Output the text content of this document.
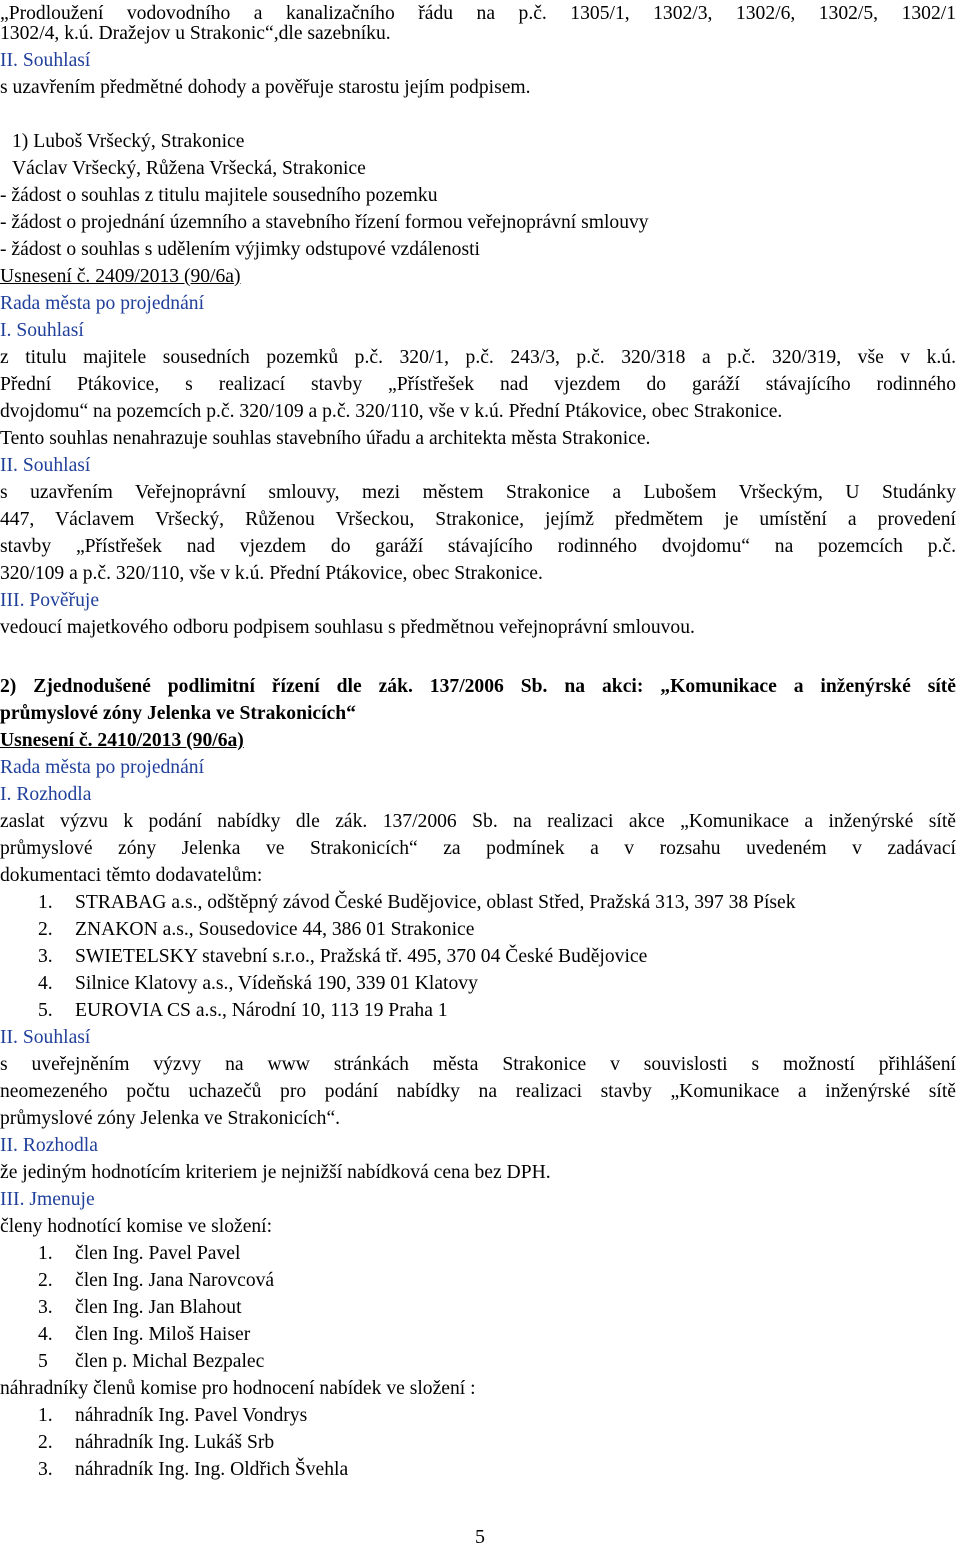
„Prodloužení vodovodního a kanalizačního řádu na p.č. 1305/1, 1302/3, 1302/6, 1302/5, 1302/1
1302/4, k.ú. Dražejov u Strakonic“,dle sazebníku.
II. Souhlasí
s uzavřením předmětné dohody a pověřuje starostu jejím podpisem.
1) Luboš Vršecký, Strakonice
Václav Vršecký, Růžena Vršecká, Strakonice
- žádost o souhlas z titulu majitele sousedního pozemku
- žádost o projednání územního a stavebního řízení formou veřejnoprávní smlouvy
- žádost o souhlas s udělením výjimky odstupové vzdálenosti
Usnesení č. 2409/2013 (90/6a)
Rada města po projednání
I. Souhlasí
z titulu majitele sousedních pozemků p.č. 320/1, p.č. 243/3, p.č. 320/318 a p.č. 320/319, vše v k.ú.
Přední Ptákovice, s realizací stavby „Přístřešek nad vjezdem do garáží stávajícího rodinného
dvojdomu“ na pozemcích p.č. 320/109 a p.č. 320/110, vše v k.ú. Přední Ptákovice, obec Strakonice.
Tento souhlas nenahrazuje souhlas stavebního úřadu a architekta města Strakonice.
II. Souhlasí
s uzavřením Veřejnoprávní smlouvy, mezi městem Strakonice a Lubošem Vršeckým, U Studánky
447, Václavem Vršecký, Růženou Vršeckou, Strakonice, jejímž předmětem je umístění a provedení
stavby „Přístřešek nad vjezdem do garáží stávajícího rodinného dvojdomu“ na pozemcích p.č.
320/109 a p.č. 320/110, vše v k.ú. Přední Ptákovice, obec Strakonice.
III. Pověřuje
vedoucí majetkového odboru podpisem souhlasu s předmětnou veřejnoprávní smlouvou.
2) Zjednodušené podlimitní řízení dle zák. 137/2006 Sb. na akci: „Komunikace a inženýrské sítě
průmyslové zóny Jelenka ve Strakonicích“
Usnesení č. 2410/2013 (90/6a)
Rada města po projednání
I. Rozhodla
zaslat výzvu k podání nabídky dle zák. 137/2006 Sb. na realizaci akce „Komunikace a inženýrské sítě
průmyslové zóny Jelenka ve Strakonicích“ za podmínek a v rozsahu uvedeném v zadávací
dokumentaci těmto dodavatelům:
1. STRABAG a.s., odštěpný závod České Budějovice, oblast Střed, Pražská 313, 397 38 Písek
2. ZNAKON a.s., Sousedovice 44, 386 01 Strakonice
3. SWIETELSKY stavební s.r.o., Pražská tř. 495, 370 04 České Budějovice
4. Silnice Klatovy a.s., Vídeňská 190, 339 01 Klatovy
5. EUROVIA CS a.s., Národní 10, 113 19 Praha 1
II. Souhlasí
s uveřejněním výzvy na www stránkách města Strakonice v souvislosti s možností přihlášení
neomezeného počtu uchazečů pro podání nabídky na realizaci stavby „Komunikace a inženýrské sítě
průmyslové zóny Jelenka ve Strakonicích“.
II. Rozhodla
že jediným hodnotícím kriteriem je nejnižší nabídková cena bez DPH.
III. Jmenuje
členy hodnotící komise ve složení:
1. člen Ing. Pavel Pavel
2. člen Ing. Jana Narovcová
3. člen Ing. Jan Blahout
4. člen Ing. Miloš Haiser
5 člen p. Michal Bezpalec
náhradníky členů komise pro hodnocení nabídek ve složení :
1. náhradník Ing. Pavel Vondrys
2. náhradník Ing. Lukáš Srb
3. náhradník Ing. Ing. Oldřich Švehla
5
